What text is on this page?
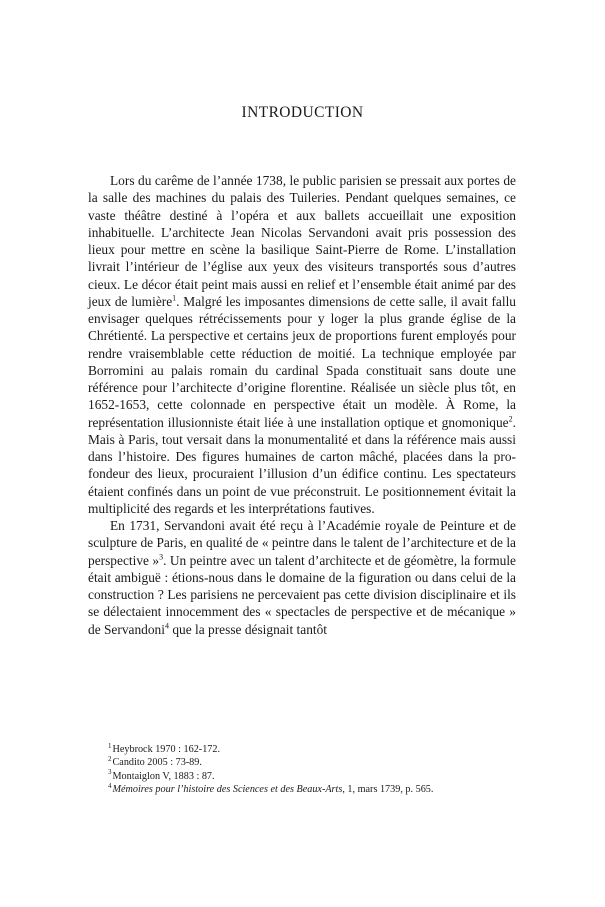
INTRODUCTION

Lors du carême de l’année 1738, le public parisien se pressait aux portes de la salle des machines du palais des Tuileries. Pendant quelques semaines, ce vaste théâtre destiné à l’opéra et aux ballets accueillait une exposition inhabituelle. L’architecte Jean Nicolas Servandoni avait pris possession des lieux pour mettre en scène la basilique Saint-Pierre de Rome. L’installation livrait l’intérieur de l’église aux yeux des visiteurs transportés sous d’autres cieux. Le décor était peint mais aussi en relief et l’ensemble était animé par des jeux de lumière$^1$. Malgré les imposantes dimensions de cette salle, il avait fallu envisager quelques rétrécissements pour y loger la plus grande église de la Chrétienté. La perspective et certains jeux de proportions furent employés pour rendre vraisemblable cette réduction de moitié. La technique employée par Borromini au palais romain du cardinal Spada constituait sans doute une référence pour l’architecte d’origine florentine. Réalisée un siècle plus tôt, en 1652-1653, cette colonnade en perspective était un modèle. À Rome, la représentation illusionniste était liée à une installation optique et gnomonique$^2$. Mais à Paris, tout versait dans la monumentalité et dans la référence mais aussi dans l’histoire. Des figures humaines de carton mâché, placées dans la profondeur des lieux, procuraient l’illusion d’un édifice continu. Les spectateurs étaient confinés dans un point de vue préconstruit. Le positionnement évitait la multiplicité des regards et les interprétations fautives.

En 1731, Servandoni avait été reçu à l’Académie royale de Peinture et de sculpture de Paris, en qualité de « peintre dans le talent de l’architecture et de la perspective »$^3$. Un peintre avec un talent d’architecte et de géomètre, la formule était ambiguë : étions-nous dans le domaine de la figuration ou dans celui de la construction ? Les parisiens ne percevaient pas cette division disciplinaire et ils se délectaient innocemment des « spectacles de perspective et de mécanique » de Servandoni$^4$ que la presse désignait tantôt

$^1$Heybrock 1970 : 162-172.

$^2$Candito 2005 : 73-89.

$^3$Montaiglon V, 1883 : 87.

$^4$Mémoires pour l’histoire des Sciences et des Beaux-Arts, 1, mars 1739, p. 565.
